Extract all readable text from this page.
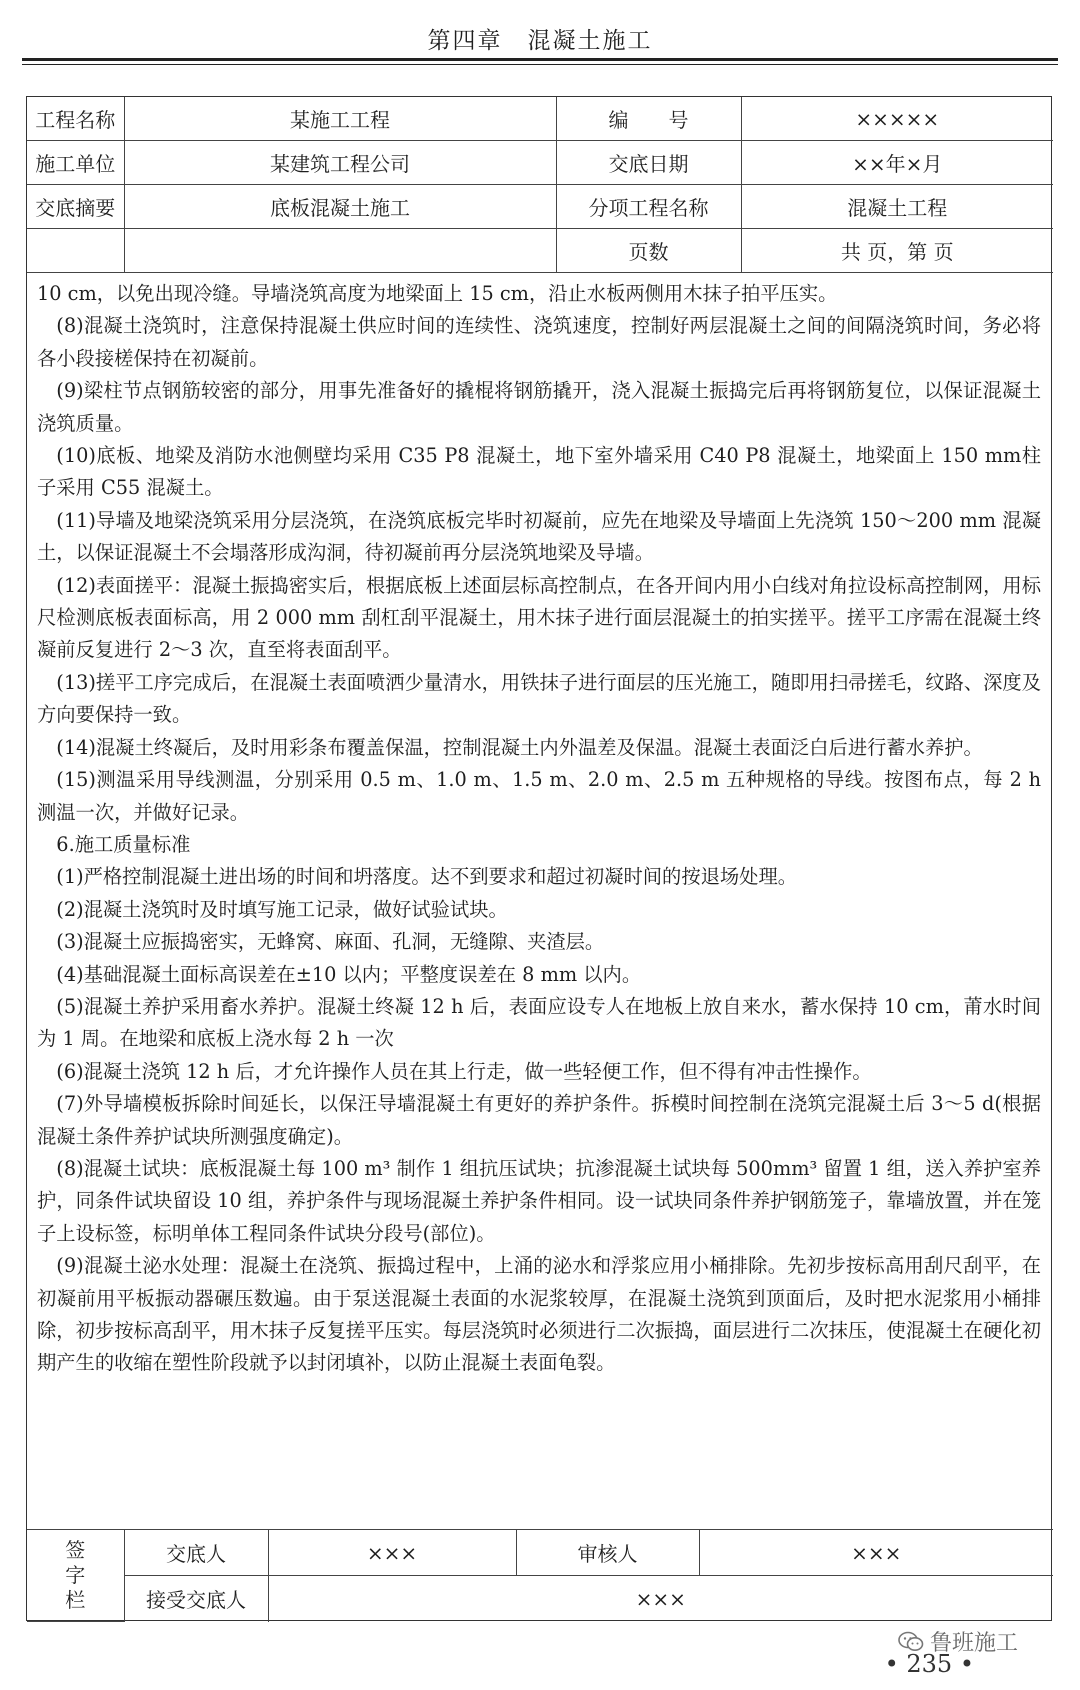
第四章　混凝土施工
工程名称	某施工工程	编　　号	×××××
施工单位	某建筑工程公司	交底日期	××年×月
交底摘要	底板混凝土施工	分项工程名称	混凝土工程
		页数	共 页，第 页

10 cm，以免出现冷缝。导墙浇筑高度为地梁面上 15 cm，沿止水板两侧用木抹子拍平压实。

(8)混凝土浇筑时，注意保持混凝土供应时间的连续性、浇筑速度，控制好两层混凝土之间的间隔浇筑时间，务必将各小段接槎保持在初凝前。

(9)梁柱节点钢筋较密的部分，用事先准备好的撬棍将钢筋撬开，浇入混凝土振捣完后再将钢筋复位，以保证混凝土浇筑质量。

(10)底板、地梁及消防水池侧壁均采用 C35 P8 混凝土，地下室外墙采用 C40 P8 混凝土，地梁面上 150 mm柱子采用 C55 混凝土。

(11)导墙及地梁浇筑采用分层浇筑，在浇筑底板完毕时初凝前，应先在地梁及导墙面上先浇筑 150～200 mm 混凝土，以保证混凝土不会塌落形成沟洞，待初凝前再分层浇筑地梁及导墙。

(12)表面搓平：混凝土振捣密实后，根据底板上述面层标高控制点，在各开间内用小白线对角拉设标高控制网，用标尺检测底板表面标高，用 2 000 mm 刮杠刮平混凝土，用木抹子进行面层混凝土的拍实搓平。搓平工序需在混凝土终凝前反复进行 2～3 次，直至将表面刮平。

(13)搓平工序完成后，在混凝土表面喷洒少量清水，用铁抹子进行面层的压光施工，随即用扫帚搓毛，纹路、深度及方向要保持一致。

(14)混凝土终凝后，及时用彩条布覆盖保温，控制混凝土内外温差及保温。混凝土表面泛白后进行蓄水养护。

(15)测温采用导线测温，分别采用 0.5 m、1.0 m、1.5 m、2.0 m、2.5 m 五种规格的导线。按图布点，每 2 h 测温一次，并做好记录。

6.施工质量标准

(1)严格控制混凝土进出场的时间和坍落度。达不到要求和超过初凝时间的按退场处理。

(2)混凝土浇筑时及时填写施工记录，做好试验试块。

(3)混凝土应振捣密实，无蜂窝、麻面、孔洞，无缝隙、夹渣层。

(4)基础混凝土面标高误差在±10 以内；平整度误差在 8 mm 以内。

(5)混凝土养护采用畜水养护。混凝土终凝 12 h 后，表面应设专人在地板上放自来水，蓄水保持 10 cm，莆水时间为 1 周。在地梁和底板上浇水每 2 h 一次

(6)混凝土浇筑 12 h 后，才允许操作人员在其上行走，做一些轻便工作，但不得有冲击性操作。

(7)外导墙模板拆除时间延长，以保汪导墙混凝土有更好的养护条件。拆模时间控制在浇筑完混凝土后 3～5 d(根据混凝土条件养护试块所测强度确定)。

(8)混凝土试块：底板混凝土每 100 m³ 制作 1 组抗压试块；抗渗混凝土试块每 500mm³ 留置 1 组，送入养护室养护，同条件试块留设 10 组，养护条件与现场混凝土养护条件相同。设一试块同条件养护钢筋笼子，靠墙放置，并在笼子上设标签，标明单体工程同条件试块分段号(部位)。

(9)混凝土泌水处理：混凝土在浇筑、振捣过程中，上涌的泌水和浮浆应用小桶排除。先初步按标高用刮尺刮平，在初凝前用平板振动器碾压数遍。由于泵送混凝土表面的水泥浆较厚，在混凝土浇筑到顶面后，及时把水泥浆用小桶排除，初步按标高刮平，用木抹子反复搓平压实。每层浇筑时必须进行二次振捣，面层进行二次抹压，使混凝土在硬化初期产生的收缩在塑性阶段就予以封闭填补，以防止混凝土表面龟裂。

签字栏	交底人	×××	审核人	×××
	接受交底人	×××		
鲁班施工
• 235 •
